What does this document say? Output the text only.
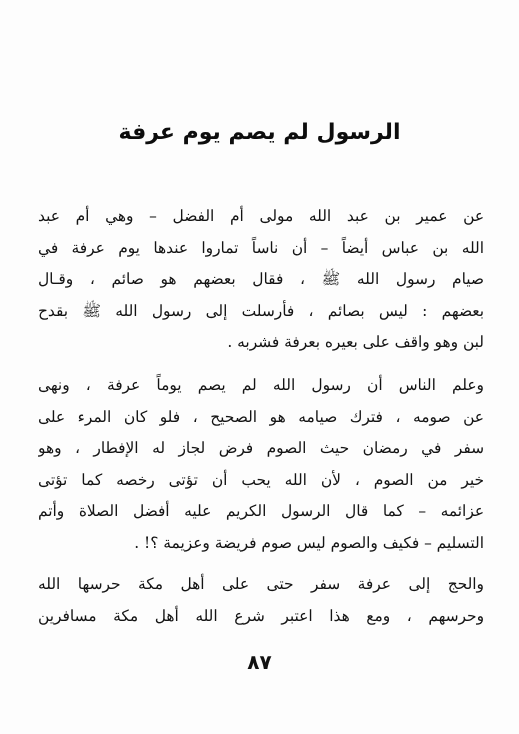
الرسول لم يصم يوم عرفة
عن عمير بن عبد الله مولى أم الفضل – وهي أم عبد
الله بن عباس أيضاً – أن ناساً تماروا عندها يوم عرفة في
صيام رسول الله ﷺ ، فقال بعضهم هو صائم ، وقـال
بعضهم : ليس بصائم ، فأرسلت إلى رسول الله ﷺ بقدح
لبن وهو واقف على بعيره بعرفة فشربه .
وعلم الناس أن رسول الله لم يصم يوماً عرفة ، ونهى
عن صومه ، فترك صيامه هو الصحيح ، فلو كان المرء على
سفر في رمضان حيث الصوم فرض لجاز له الإفطار ، وهو
خير من الصوم ، لأن الله يحب أن تؤتى رخصه كما تؤتى
عزائمه – كما قال الرسول الكريم عليه أفضل الصلاة وأتم
التسليم – فكيف والصوم ليس صوم فريضة وعزيمة ؟! .
والحج إلى عرفة سفر حتى على أهل مكة حرسها الله
وحرسهم ، ومع هذا اعتبر شرع الله أهل مكة مسافرين
٨٧
